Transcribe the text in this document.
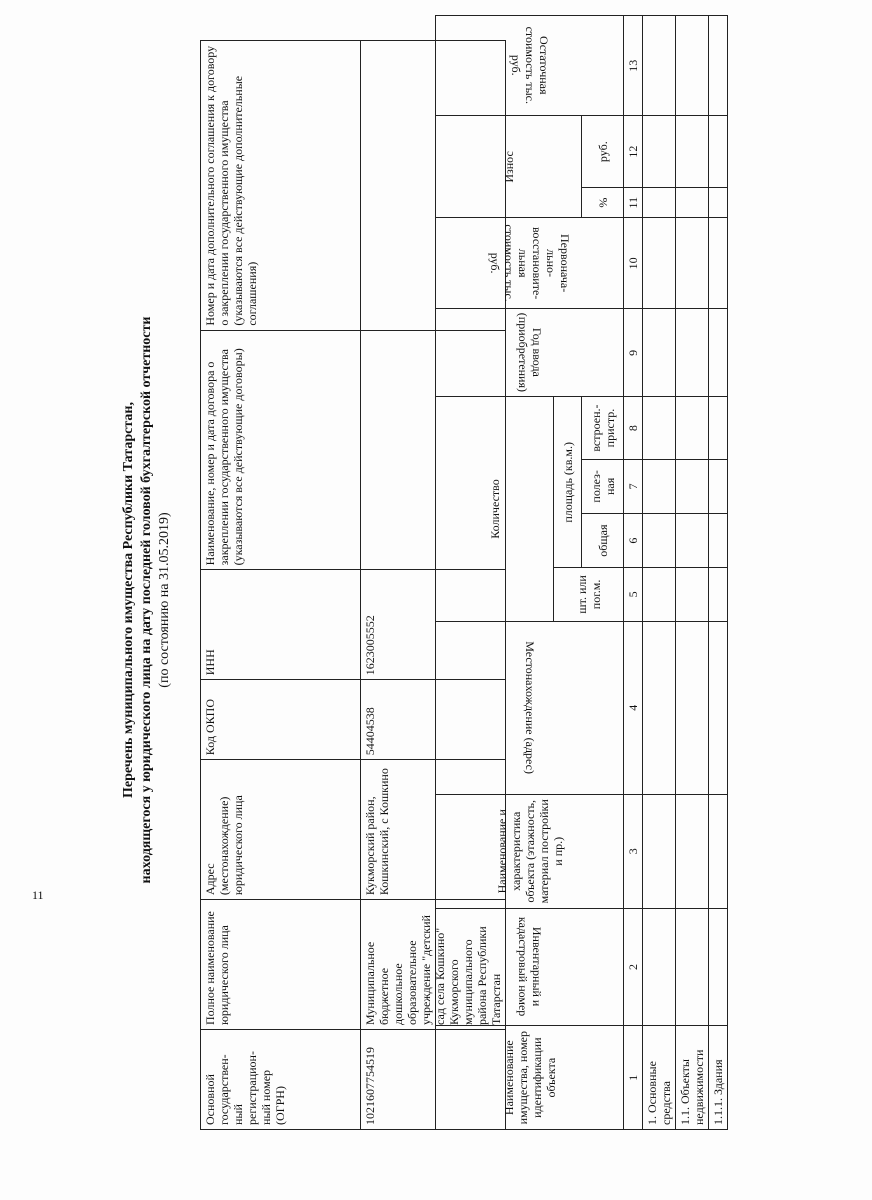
11
Перечень муниципального имущества Республики Татарстан, находящегося у юридического лица на дату последней головой бухгалтерской отчетности (по состоянию на 31.05.2019)
Основной государствен-ный регистрацион-ный номер (ОГРН)	Полное наименование юридического лица	Адрес (местонахождение) юридического лица	Код ОКПО	ИНН	Наименование, номер и дата договора о закреплении государственного имущества (указываются все действующие договоры)	Номер и дата дополнительного соглашения к договору о закреплении государственного имущества (указываются все действующие дополнительные соглашения)
1021607754519	Муниципальное бюджетное дошкольное образовательное учреждение "детский сад села Кошкино" Кукморского муниципального района Республики Татарстан	Кукморский район, Кошкинский, с Кошкино	54404538	1623005552		
Наименование имущества, номер идентификации объекта	Инвентарный и кадастровый номер	Наименование и характеристика объекта (этажность, материал постройки и пр.)	Местонахождение (адрес)	Количество				Год ввода (приобретения)	Первонача-льно-восстановите-льная стоимость тыс. руб.	Износ		Остаточная стоимость тыс. руб.
				шт. или пог.м.	площадь (кв.м.)							
					общая	полез-ная	встроен.-пристр.			%	руб.	
1	2	3	4	5	6	7	8	9	10	11	12	13
1. Основные средства												
1.1. Объекты недвижимости												
1.1.1. Здания												
